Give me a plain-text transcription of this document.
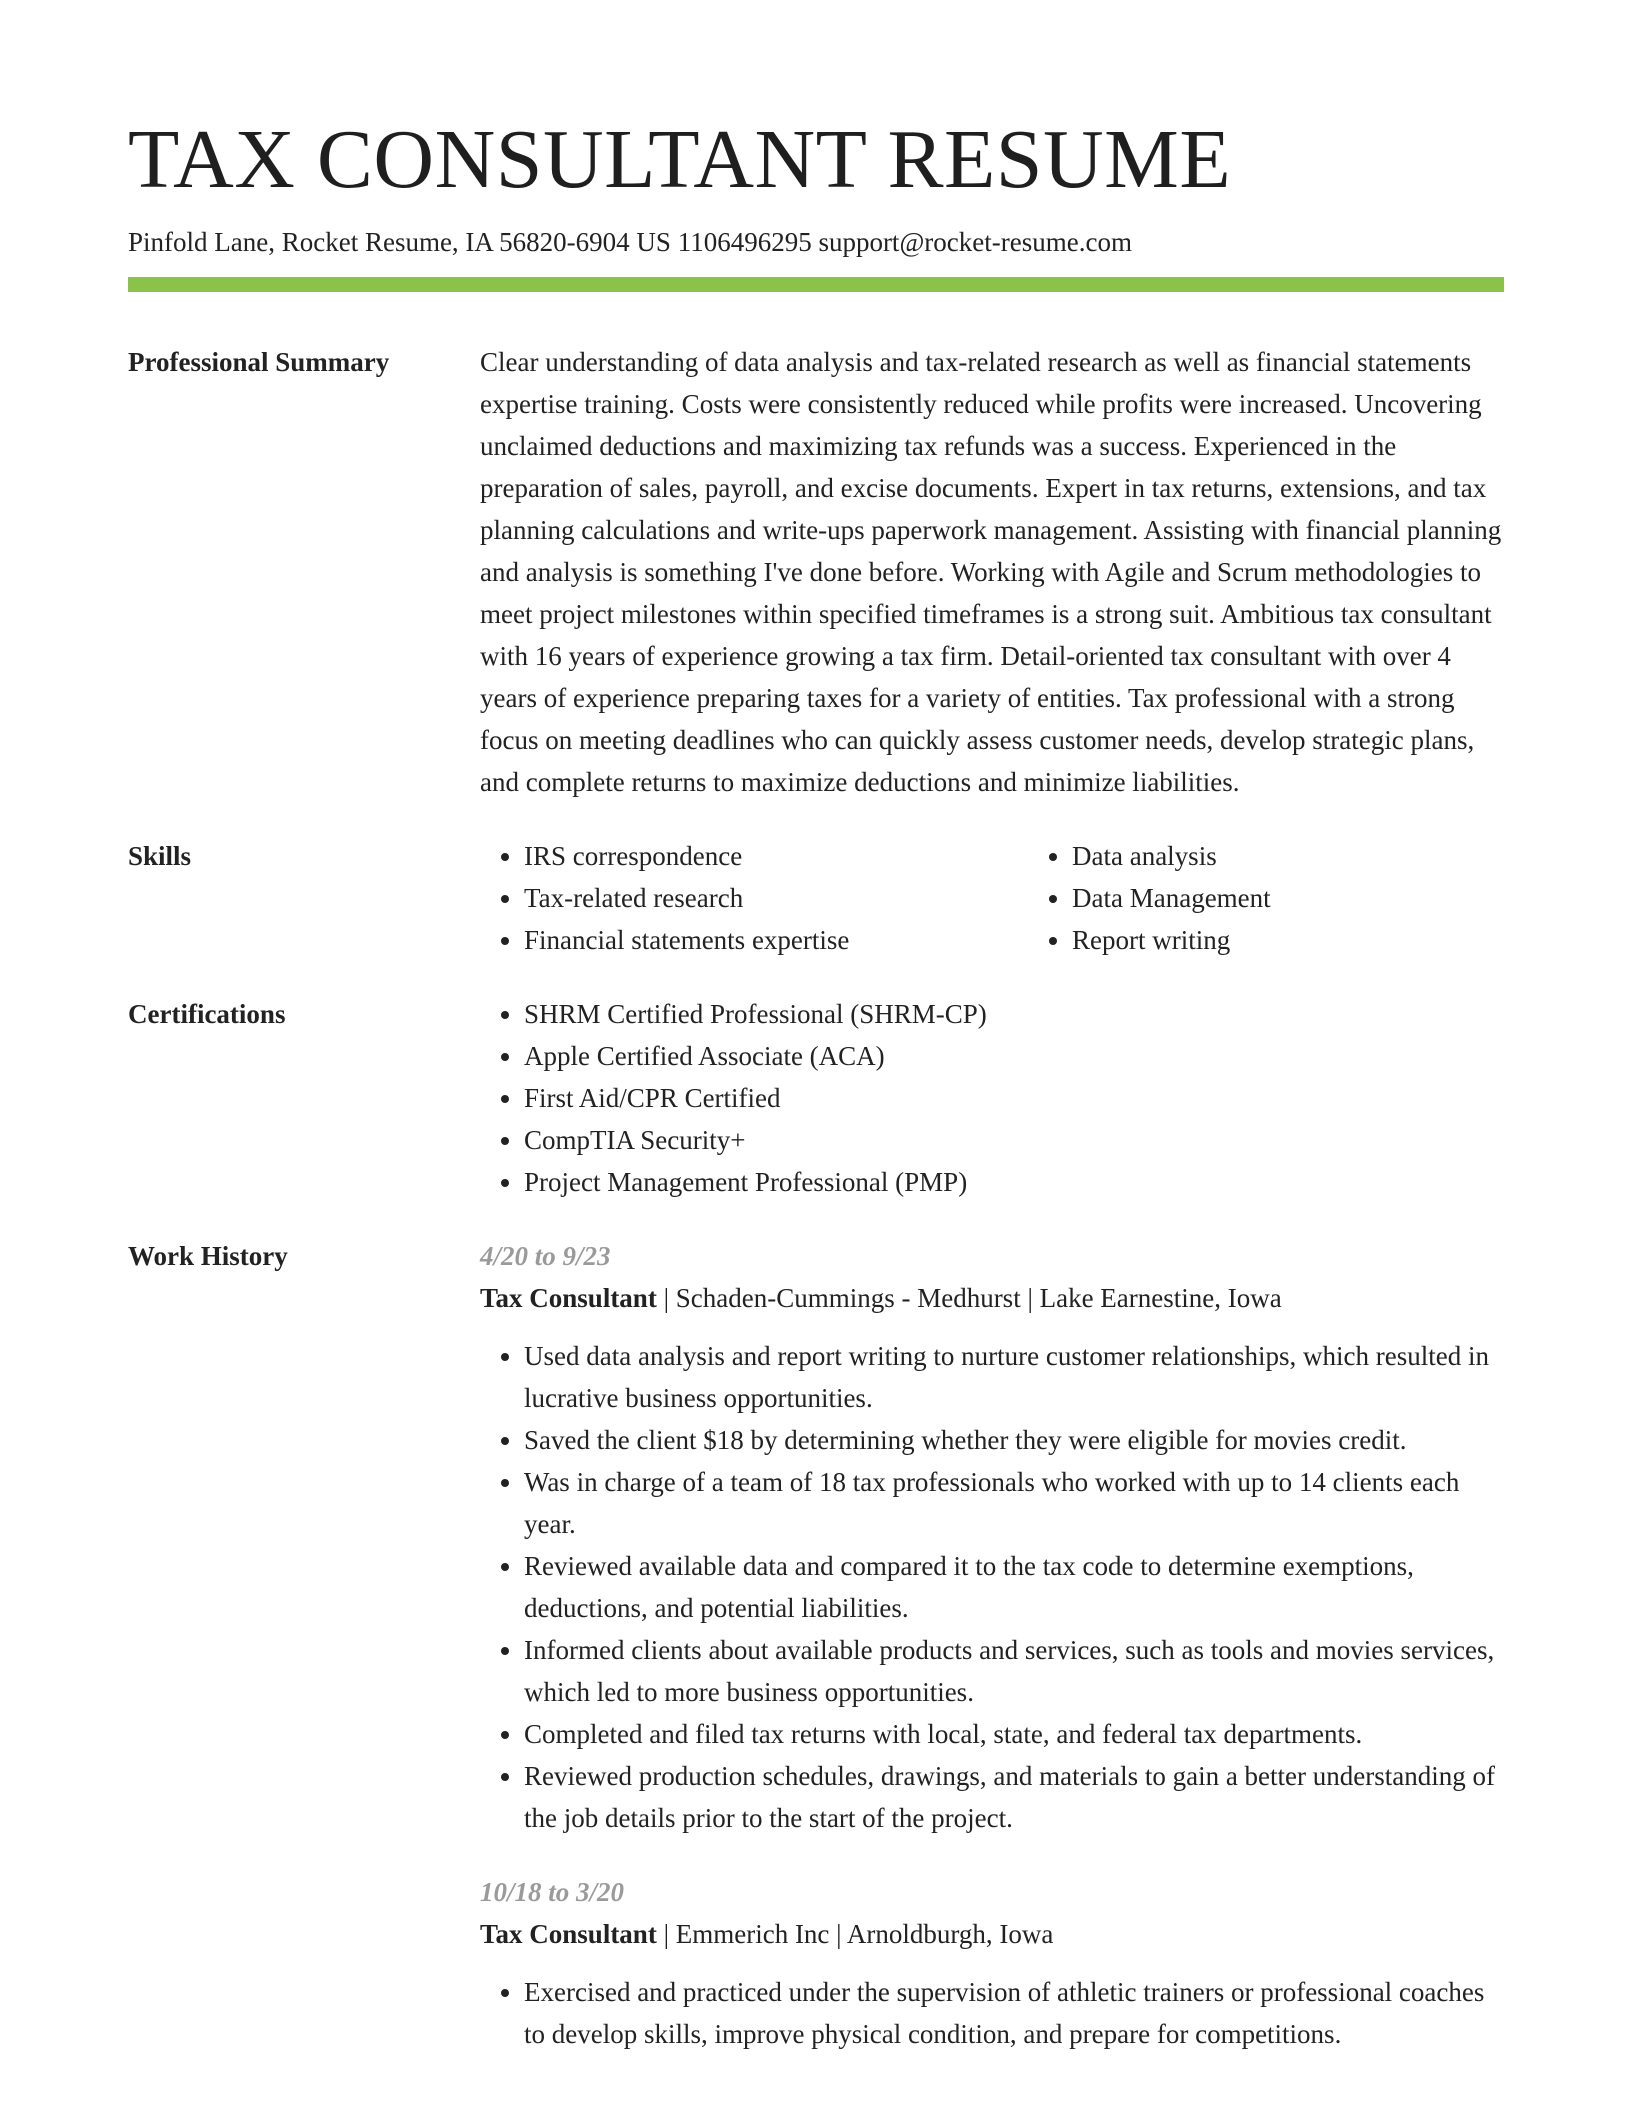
TAX CONSULTANT RESUME
Pinfold Lane, Rocket Resume, IA 56820-6904 US 1106496295 support@rocket-resume.com
Professional Summary	Clear understanding of data analysis and tax-related research as well as financial statements expertise training. Costs were consistently reduced while profits were increased. Uncovering unclaimed deductions and maximizing tax refunds was a success. Experienced in the preparation of sales, payroll, and excise documents. Expert in tax returns, extensions, and tax planning calculations and write-ups paperwork management. Assisting with financial planning and analysis is something I've done before. Working with Agile and Scrum methodologies to meet project milestones within specified timeframes is a strong suit. Ambitious tax consultant with 16 years of experience growing a tax firm. Detail-oriented tax consultant with over 4 years of experience preparing taxes for a variety of entities. Tax professional with a strong focus on meeting deadlines who can quickly assess customer needs, develop strategic plans, and complete returns to maximize deductions and minimize liabilities.
Skills	• IRS correspondence
• Tax-related research
• Financial statements expertise
• Data analysis
• Data Management
• Report writing
Certifications	• SHRM Certified Professional (SHRM-CP)
• Apple Certified Associate (ACA)
• First Aid/CPR Certified
• CompTIA Security+
• Project Management Professional (PMP)
Work History	4/20 to 9/23
Tax Consultant | Schaden-Cummings - Medhurst | Lake Earnestine, Iowa
• Used data analysis and report writing to nurture customer relationships, which resulted in lucrative business opportunities.
• Saved the client $18 by determining whether they were eligible for movies credit.
• Was in charge of a team of 18 tax professionals who worked with up to 14 clients each year.
• Reviewed available data and compared it to the tax code to determine exemptions, deductions, and potential liabilities.
• Informed clients about available products and services, such as tools and movies services, which led to more business opportunities.
• Completed and filed tax returns with local, state, and federal tax departments.
• Reviewed production schedules, drawings, and materials to gain a better understanding of the job details prior to the start of the project.
10/18 to 3/20
Tax Consultant | Emmerich Inc | Arnoldburgh, Iowa
• Exercised and practiced under the supervision of athletic trainers or professional coaches to develop skills, improve physical condition, and prepare for competitions.
